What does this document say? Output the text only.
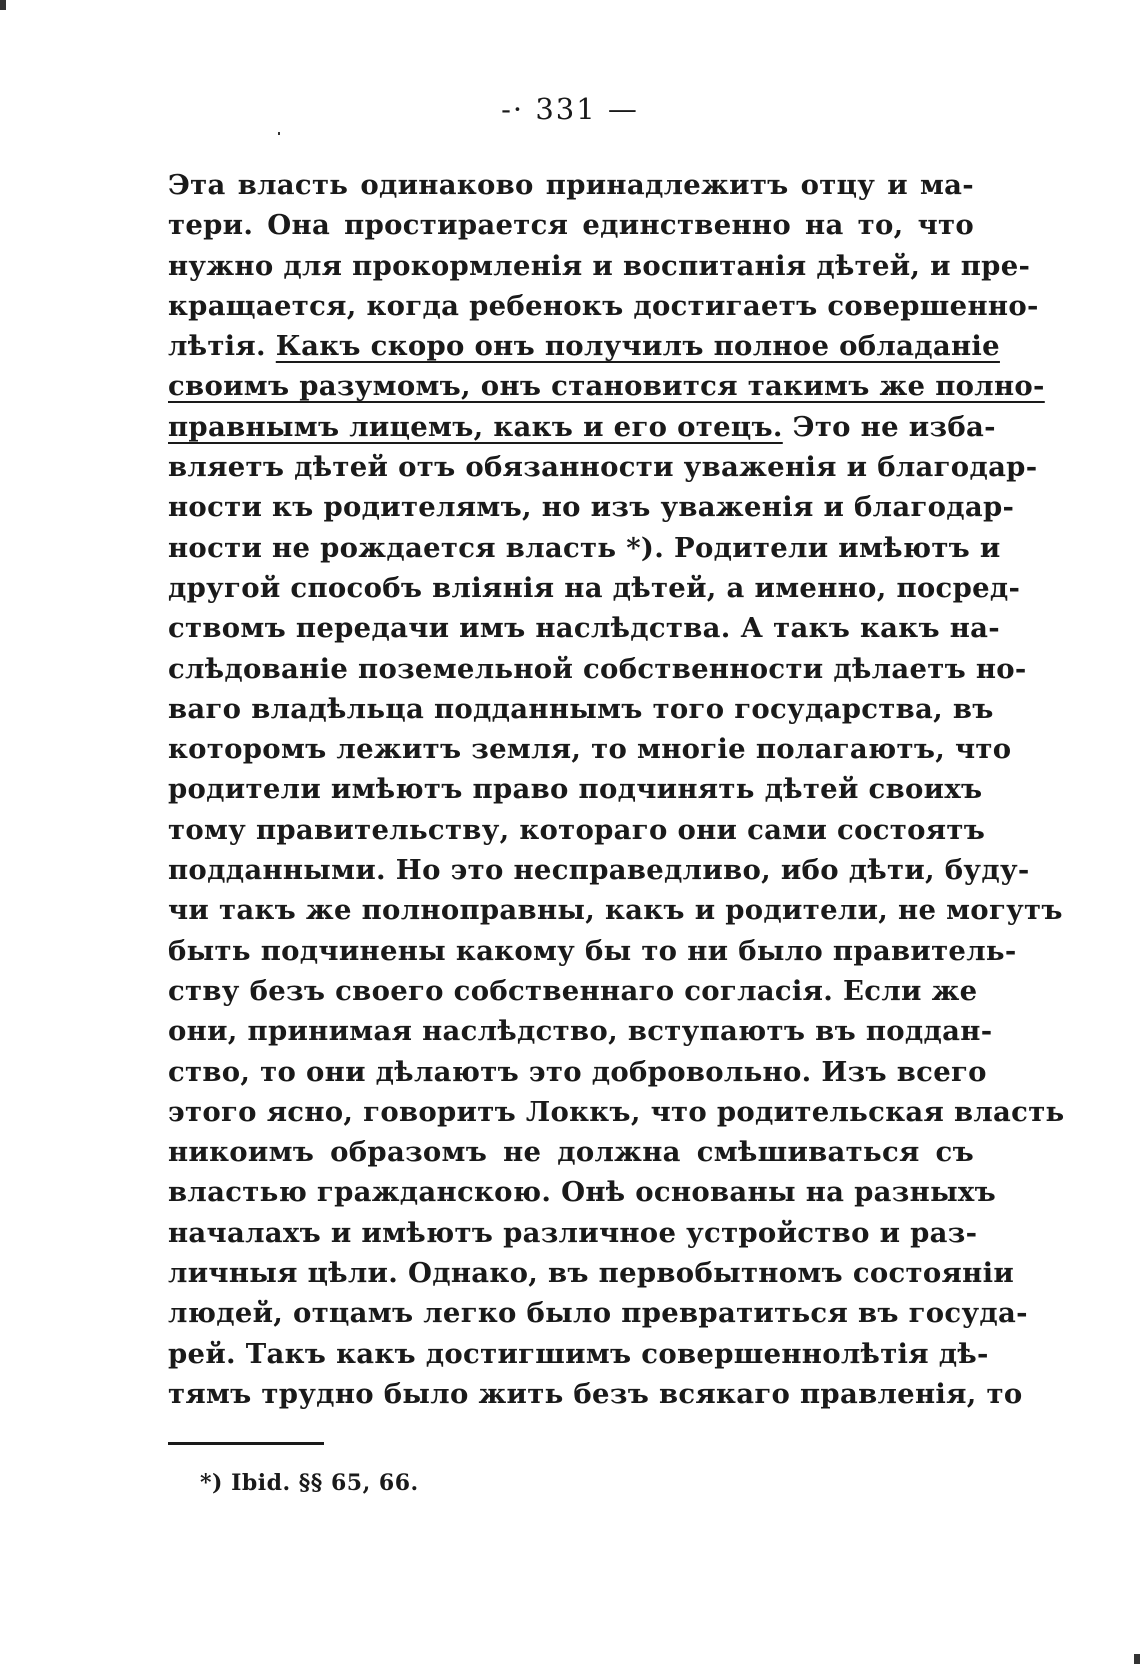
-· 331 —
Эта власть одинаково принадлежитъ отцу и ма-
тери. Она простирается единственно на то, что
нужно для прокормленія и воспитанія дѣтей, и пре-
кращается, когда ребенокъ достигаетъ совершенно-
лѣтія. Какъ скоро онъ получилъ полное обладаніе
своимъ разумомъ, онъ становится такимъ же полно-
правнымъ лицемъ, какъ и его отецъ. Это не изба-
вляетъ дѣтей отъ обязанности уваженія и благодар-
ности къ родителямъ, но изъ уваженія и благодар-
ности не рождается власть *). Родители имѣютъ и
другой способъ вліянія на дѣтей, а именно, посред-
ствомъ передачи имъ наслѣдства. А такъ какъ на-
слѣдованіе поземельной собственности дѣлаетъ но-
ваго владѣльца подданнымъ того государства, въ
которомъ лежитъ земля, то многіе полагаютъ, что
родители имѣютъ право подчинять дѣтей своихъ
тому правительству, котораго они сами состоятъ
подданными. Но это несправедливо, ибо дѣти, буду-
чи такъ же полноправны, какъ и родители, не могутъ
быть подчинены какому бы то ни было правитель-
ству безъ своего собственнаго согласія. Если же
они, принимая наслѣдство, вступаютъ въ поддан-
ство, то они дѣлаютъ это добровольно. Изъ всего
этого ясно, говоритъ Локкъ, что родительская власть
никоимъ образомъ не должна смѣшиваться съ
властью гражданскою. Онѣ основаны на разныхъ
началахъ и имѣютъ различное устройство и раз-
личныя цѣли. Однако, въ первобытномъ состояніи
людей, отцамъ легко было превратиться въ госуда-
рей. Такъ какъ достигшимъ совершеннолѣтія дѣ-
тямъ трудно было жить безъ всякаго правленія, то
*) Ibid. §§ 65, 66.
